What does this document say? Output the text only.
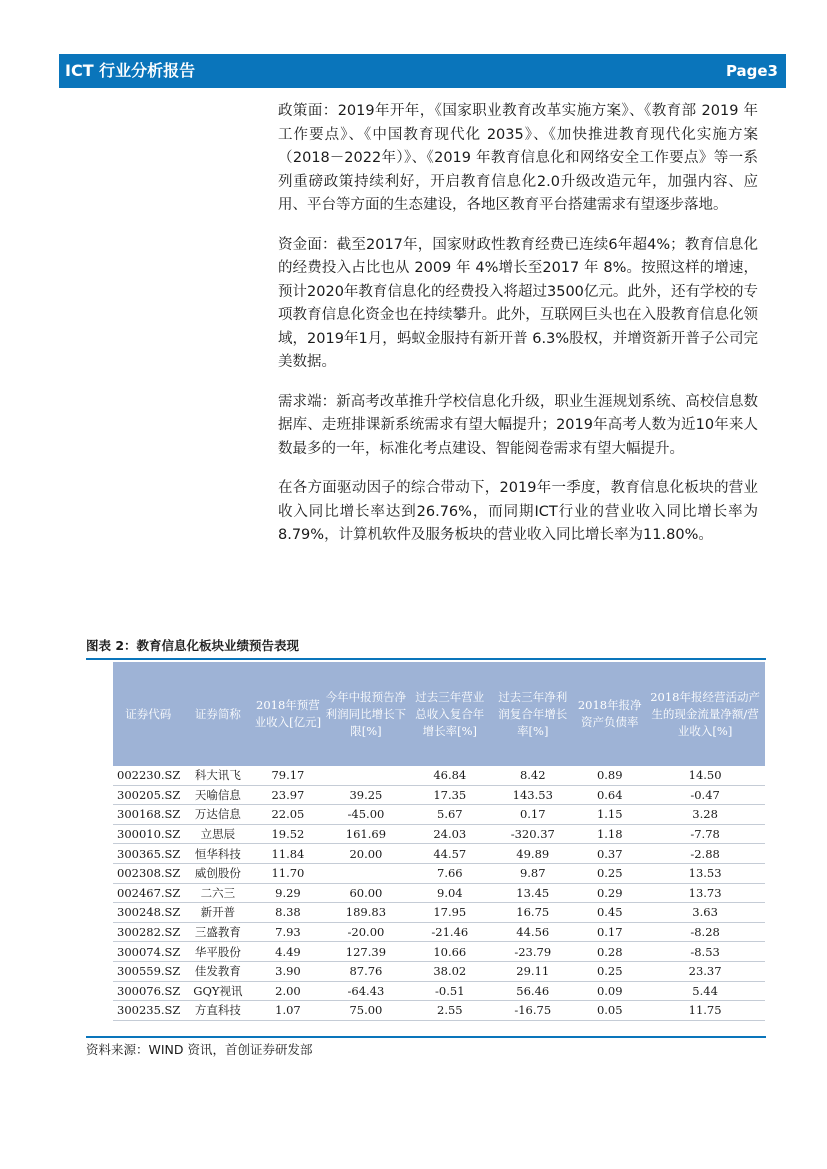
ICT 行业分析报告	Page3

政策面：2019年开年，《国家职业教育改革实施方案》、《教育部 2019 年工作要点》、《中国教育现代化 2035》、《加快推进教育现代化实施方案（2018－2022年）》、《2019 年教育信息化和网络安全工作要点》等一系列重磅政策持续利好，开启教育信息化2.0升级改造元年，加强内容、应用、平台等方面的生态建设，各地区教育平台搭建需求有望逐步落地。

资金面：截至2017年，国家财政性教育经费已连续6年超4%；教育信息化的经费投入占比也从 2009 年 4%增长至2017 年 8%。按照这样的增速，预计2020年教育信息化的经费投入将超过3500亿元。此外，还有学校的专项教育信息化资金也在持续攀升。此外，互联网巨头也在入股教育信息化领域，2019年1月，蚂蚁金服持有新开普 6.3%股权，并增资新开普子公司完美数据。

需求端：新高考改革推升学校信息化升级，职业生涯规划系统、高校信息数据库、走班排课新系统需求有望大幅提升；2019年高考人数为近10年来人数最多的一年，标准化考点建设、智能阅卷需求有望大幅提升。

在各方面驱动因子的综合带动下，2019年一季度，教育信息化板块的营业收入同比增长率达到26.76%，而同期ICT行业的营业收入同比增长率为8.79%，计算机软件及服务板块的营业收入同比增长率为11.80%。

图表 2：教育信息化板块业绩预告表现
证券代码	证券简称	2018年预营业收入[亿元]	今年中报预告净利润同比增长下限[%]	过去三年营业总收入复合年增长率[%]	过去三年净利润复合年增长率[%]	2018年报净资产负债率	2018年报经营活动产生的现金流量净额/营业收入[%]
002230.SZ	科大讯飞	79.17		46.84	8.42	0.89	14.50
300205.SZ	天喻信息	23.97	39.25	17.35	143.53	0.64	-0.47
300168.SZ	万达信息	22.05	-45.00	5.67	0.17	1.15	3.28
300010.SZ	立思辰	19.52	161.69	24.03	-320.37	1.18	-7.78
300365.SZ	恒华科技	11.84	20.00	44.57	49.89	0.37	-2.88
002308.SZ	威创股份	11.70		7.66	9.87	0.25	13.53
002467.SZ	二六三	9.29	60.00	9.04	13.45	0.29	13.73
300248.SZ	新开普	8.38	189.83	17.95	16.75	0.45	3.63
300282.SZ	三盛教育	7.93	-20.00	-21.46	44.56	0.17	-8.28
300074.SZ	华平股份	4.49	127.39	10.66	-23.79	0.28	-8.53
300559.SZ	佳发教育	3.90	87.76	38.02	29.11	0.25	23.37
300076.SZ	GQY视讯	2.00	-64.43	-0.51	56.46	0.09	5.44
300235.SZ	方直科技	1.07	75.00	2.55	-16.75	0.05	11.75
资料来源：WIND 资讯，首创证券研发部
